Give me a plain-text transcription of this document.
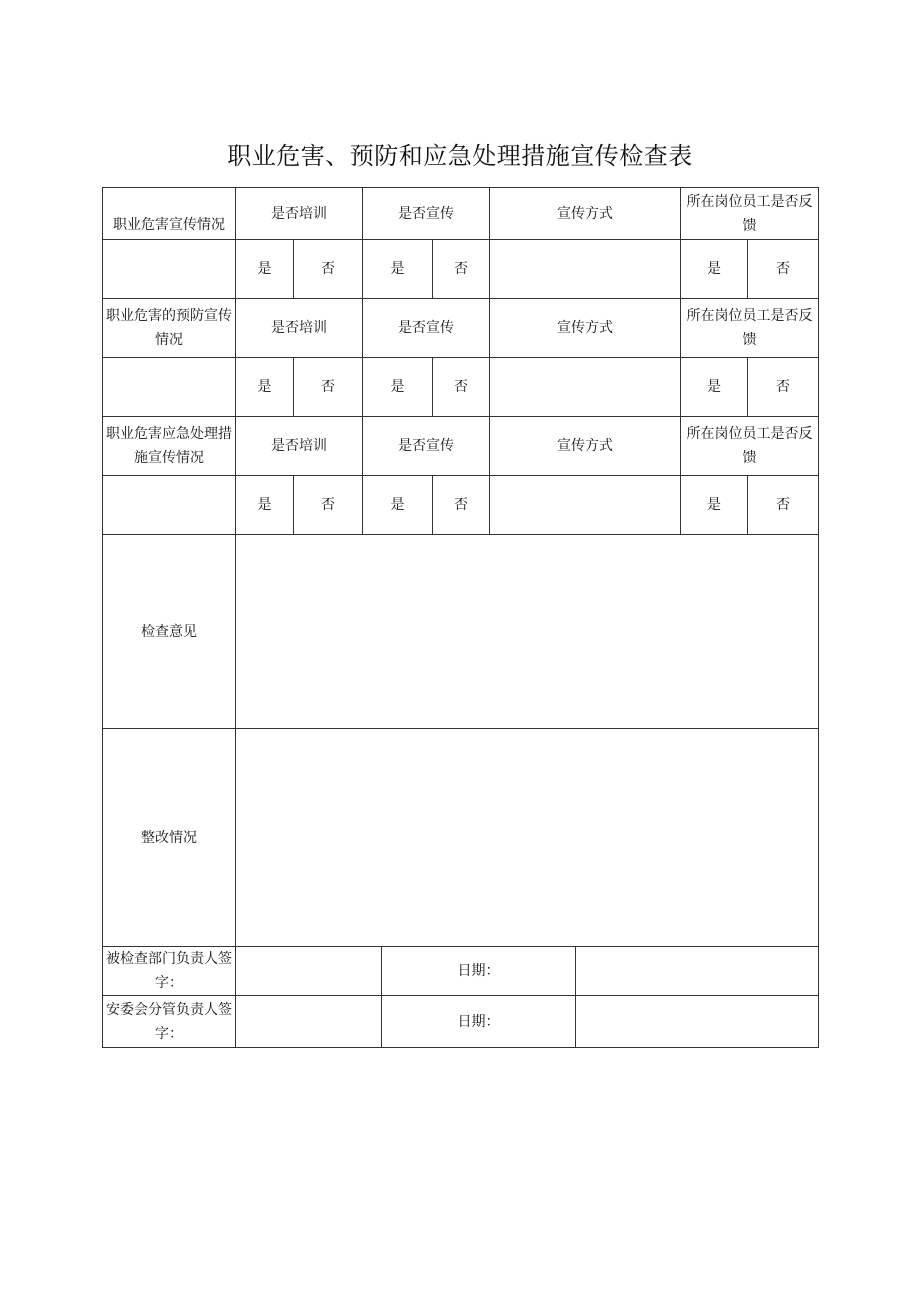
职业危害、预防和应急处理措施宣传检查表
职业危害宣传情况	是否培训		是否宣传			宣传方式		所在岗位员工是否反馈	
	是	否	是		否			是	否
职业危害的预防宣传情况	是否培训		是否宣传			宣传方式		所在岗位员工是否反馈	
	是	否	是		否			是	否
职业危害应急处理措施宣传情况	是否培训		是否宣传			宣传方式		所在岗位员工是否反馈	
	是	否	是		否			是	否
检查意见									
整改情况									
被检查部门负责人签字：				日期：					
安委会分管负责人签字：				日期：					
